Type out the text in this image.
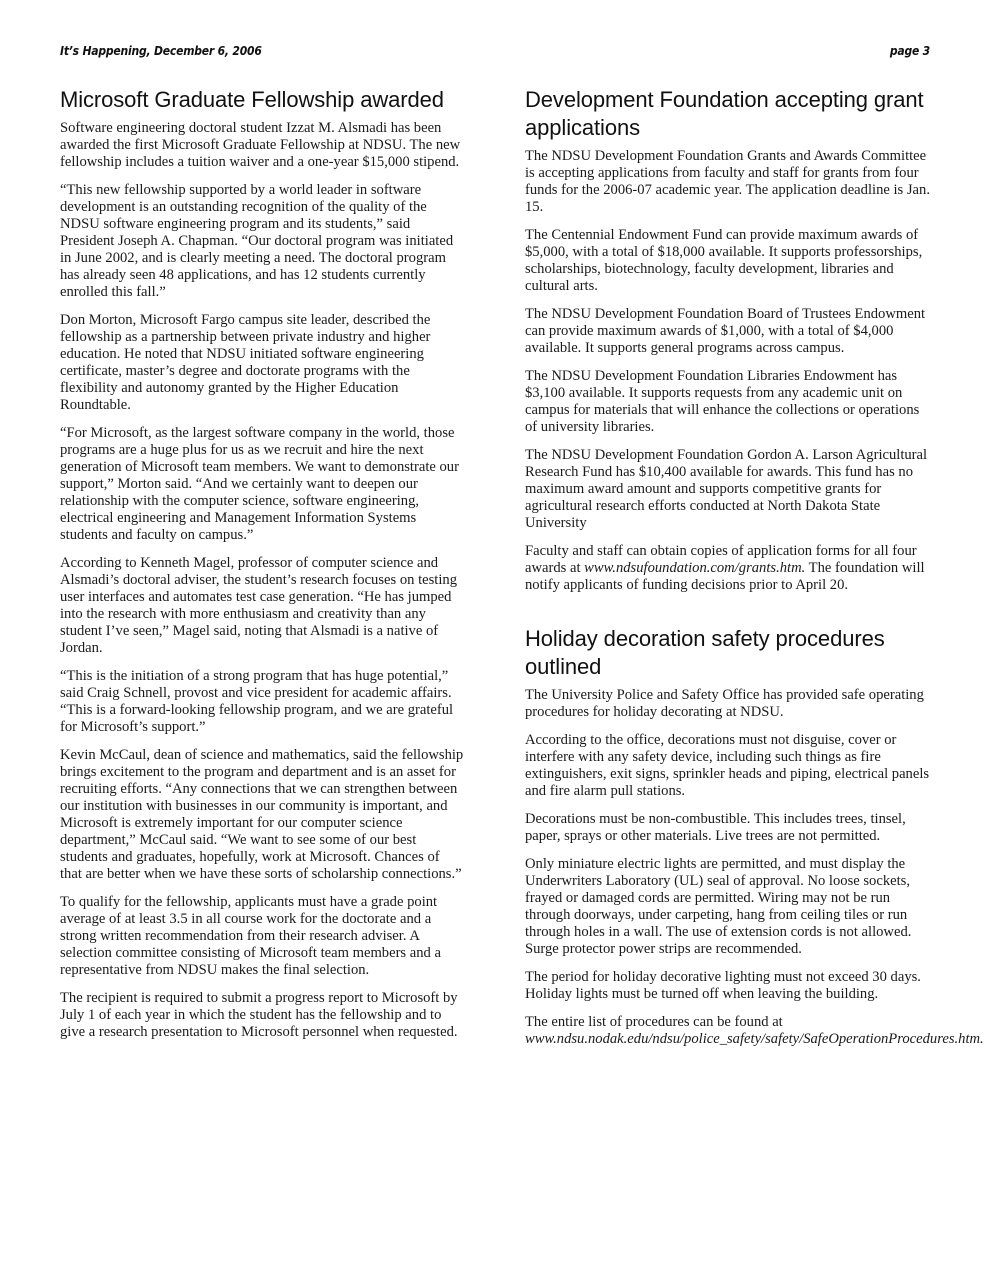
It’s Happening, December 6, 2006	page 3
Microsoft Graduate Fellowship awarded

Software engineering doctoral student Izzat M. Alsmadi has been awarded the first Microsoft Graduate Fellowship at NDSU. The new fellowship includes a tuition waiver and a one-year $15,000 stipend.

“This new fellowship supported by a world leader in software development is an outstanding recognition of the quality of the NDSU software engineering program and its students,” said President Joseph A. Chapman. “Our doctoral program was initiated in June 2002, and is clearly meeting a need. The doctoral program has already seen 48 applications, and has 12 students currently enrolled this fall.”

Don Morton, Microsoft Fargo campus site leader, described the fellowship as a partnership between private industry and higher education. He noted that NDSU initiated software engineering certificate, master’s degree and doctorate programs with the flexibility and autonomy granted by the Higher Education Roundtable.

“For Microsoft, as the largest software company in the world, those programs are a huge plus for us as we recruit and hire the next generation of Microsoft team members. We want to demonstrate our support,” Morton said. “And we certainly want to deepen our relationship with the computer science, software engineering, electrical engineering and Management Information Systems students and faculty on campus.”

According to Kenneth Magel, professor of computer science and Alsmadi’s doctoral adviser, the student’s research focuses on testing user interfaces and automates test case generation. “He has jumped into the research with more enthusiasm and creativity than any student I’ve seen,” Magel said, noting that Alsmadi is a native of Jordan.

“This is the initiation of a strong program that has huge potential,” said Craig Schnell, provost and vice president for academic affairs. “This is a forward-looking fellowship program, and we are grateful for Microsoft’s support.”

Kevin McCaul, dean of science and mathematics, said the fellowship brings excitement to the program and department and is an asset for recruiting efforts. “Any connections that we can strengthen between our institution with businesses in our community is important, and Microsoft is extremely important for our computer science department,” McCaul said. “We want to see some of our best students and graduates, hopefully, work at Microsoft. Chances of that are better when we have these sorts of scholarship connections.”

To qualify for the fellowship, applicants must have a grade point average of at least 3.5 in all course work for the doctorate and a strong written recommendation from their research adviser. A selection committee consisting of Microsoft team members and a representative from NDSU makes the final selection.

The recipient is required to submit a progress report to Microsoft by July 1 of each year in which the student has the fellowship and to give a research presentation to Microsoft personnel when requested.

Development Foundation accepting grant applications

The NDSU Development Foundation Grants and Awards Committee is accepting applications from faculty and staff for grants from four funds for the 2006-07 academic year. The application deadline is Jan. 15.

The Centennial Endowment Fund can provide maximum awards of $5,000, with a total of $18,000 available. It supports professorships, scholarships, biotechnology, faculty development, libraries and cultural arts.

The NDSU Development Foundation Board of Trustees Endowment can provide maximum awards of $1,000, with a total of $4,000 available. It supports general programs across campus.

The NDSU Development Foundation Libraries Endowment has $3,100 available. It supports requests from any academic unit on campus for materials that will enhance the collections or operations of university libraries.

The NDSU Development Foundation Gordon A. Larson Agricultural Research Fund has $10,400 available for awards. This fund has no maximum award amount and supports competitive grants for agricultural research efforts conducted at North Dakota State University

Faculty and staff can obtain copies of application forms for all four awards at www.ndsufoundation.com/grants.htm. The foundation will notify applicants of funding decisions prior to April 20.

Holiday decoration safety procedures outlined

The University Police and Safety Office has provided safe operating procedures for holiday decorating at NDSU.

According to the office, decorations must not disguise, cover or interfere with any safety device, including such things as fire extinguishers, exit signs, sprinkler heads and piping, electrical panels and fire alarm pull stations.

Decorations must be non-combustible. This includes trees, tinsel, paper, sprays or other materials. Live trees are not permitted.

Only miniature electric lights are permitted, and must display the Underwriters Laboratory (UL) seal of approval. No loose sockets, frayed or damaged cords are permitted. Wiring may not be run through doorways, under carpeting, hang from ceiling tiles or run through holes in a wall. The use of extension cords is not allowed. Surge protector power strips are recommended.

The period for holiday decorative lighting must not exceed 30 days. Holiday lights must be turned off when leaving the building.

The entire list of procedures can be found at www.ndsu.nodak.edu/ndsu/police_safety/safety/SafeOperationProcedures.htm.
